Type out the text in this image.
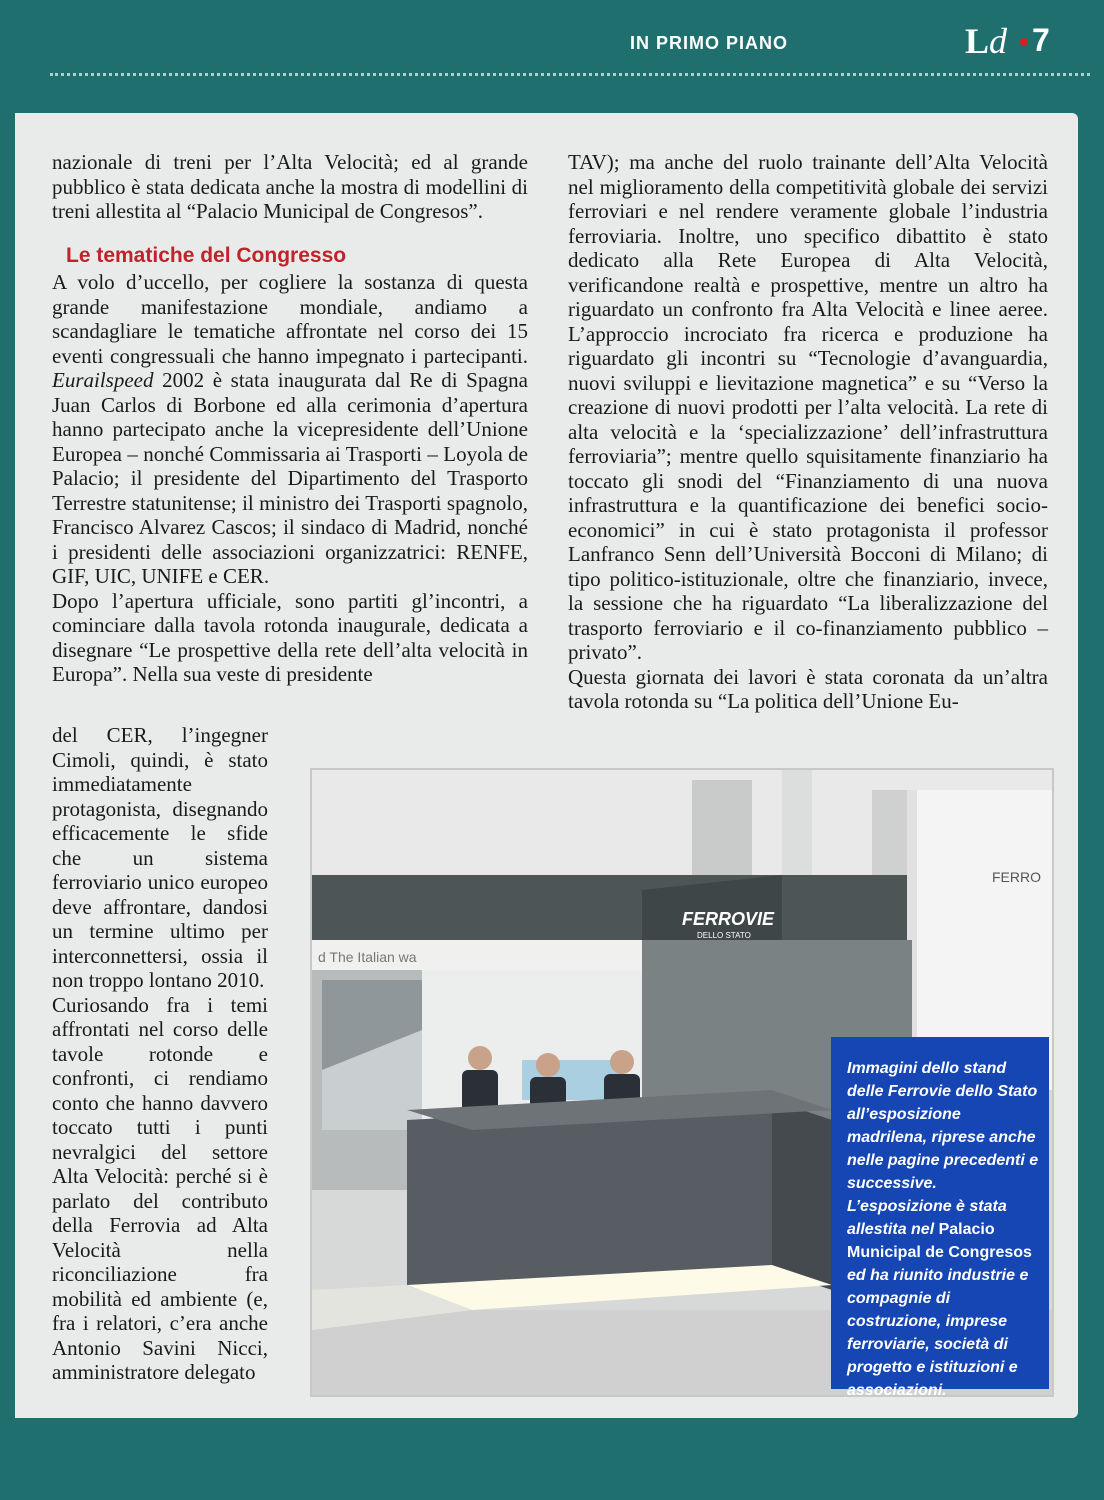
IN PRIMO PIANO	Ld 7

nazionale di treni per l’Alta Velocità; ed al grande pubblico è stata dedicata anche la mostra di modellini di treni allestita al “Palacio Municipal de Congresos”.

Le tematiche del Congresso

A volo d’uccello, per cogliere la sostanza di questa grande manifestazione mondiale, andiamo a scandagliare le tematiche affrontate nel corso dei 15 eventi congressuali che hanno impegnato i partecipanti. Eurailspeed 2002 è stata inaugurata dal Re di Spagna Juan Carlos di Borbone ed alla cerimonia d’apertura hanno partecipato anche la vicepresidente dell’Unione Europea – nonché Commissaria ai Trasporti – Loyola de Palacio; il presidente del Dipartimento del Trasporto Terrestre statunitense; il ministro dei Trasporti spagnolo, Francisco Alvarez Cascos; il sindaco di Madrid, nonché i presidenti delle associazioni organizzatrici: RENFE, GIF, UIC, UNIFE e CER.

Dopo l’apertura ufficiale, sono partiti gl’incontri, a cominciare dalla tavola rotonda inaugurale, dedicata a disegnare “Le prospettive della rete dell’alta velocità in Europa”. Nella sua veste di presidente

del CER, l’ingegner Cimoli, quindi, è stato immediatamente protagonista, disegnando efficacemente le sfide che un sistema ferroviario unico europeo deve affrontare, dandosi un termine ultimo per interconnettersi, ossia il non troppo lontano 2010.

Curiosando fra i temi affrontati nel corso delle tavole rotonde e confronti, ci rendiamo conto che hanno davvero toccato tutti i punti nevralgici del settore Alta Velocità: perché si è parlato del contributo della Ferrovia ad Alta Velocità nella riconciliazione fra mobilità ed ambiente (e, fra i relatori, c’era anche Antonio Savini Nicci, amministratore delegato

TAV); ma anche del ruolo trainante dell’Alta Velocità nel miglioramento della competitività globale dei servizi ferroviari e nel rendere veramente globale l’industria ferroviaria. Inoltre, uno specifico dibattito è stato dedicato alla Rete Europea di Alta Velocità, verificandone realtà e prospettive, mentre un altro ha riguardato un confronto fra Alta Velocità e linee aeree. L’approccio incrociato fra ricerca e produzione ha riguardato gli incontri su “Tecnologie d’avanguardia, nuovi sviluppi e lievitazione magnetica” e su “Verso la creazione di nuovi prodotti per l’alta velocità. La rete di alta velocità e la ‘specializzazione’ dell’infrastruttura ferroviaria”; mentre quello squisitamente finanziario ha toccato gli snodi del “Finanziamento di una nuova infrastruttura e la quantificazione dei benefici socio-economici” in cui è stato protagonista il professor Lanfranco Senn dell’Università Bocconi di Milano; di tipo politico-istituzionale, oltre che finanziario, invece, la sessione che ha riguardato “La liberalizzazione del trasporto ferroviario e il co-finanziamento pubblico – privato”.

Questa giornata dei lavori è stata coronata da un’altra tavola rotonda su “La politica dell’Unione Eu-

d The Italian wa
FERROVIE
DELLO STATO
FERRO
Immagini dello stand delle Ferrovie dello Stato all’esposizione madrilena, riprese anche nelle pagine precedenti e successive. L’esposizione è stata allestita nel Palacio Municipal de Congresos ed ha riunito industrie e compagnie di costruzione, imprese ferroviarie, società di progetto e istituzioni e associazioni.
